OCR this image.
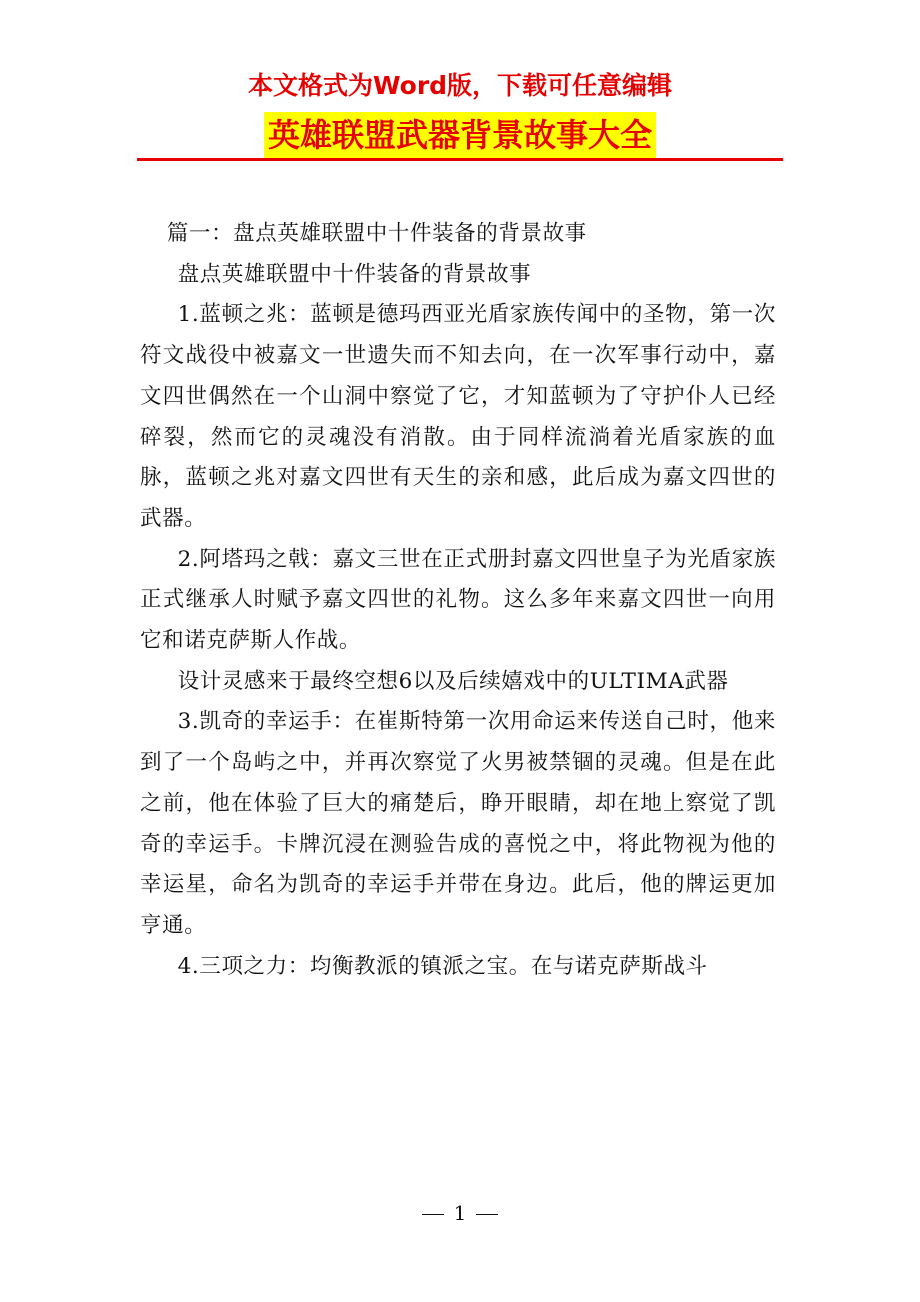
本文格式为Word版，下载可任意编辑
英雄联盟武器背景故事大全

篇一：盘点英雄联盟中十件装备的背景故事

盘点英雄联盟中十件装备的背景故事

1.蓝顿之兆：蓝顿是德玛西亚光盾家族传闻中的圣物，第一次符文战役中被嘉文一世遗失而不知去向，在一次军事行动中，嘉文四世偶然在一个山洞中察觉了它，才知蓝顿为了守护仆人已经碎裂，然而它的灵魂没有消散。由于同样流淌着光盾家族的血脉，蓝顿之兆对嘉文四世有天生的亲和感，此后成为嘉文四世的武器。

2.阿塔玛之戟：嘉文三世在正式册封嘉文四世皇子为光盾家族正式继承人时赋予嘉文四世的礼物。这么多年来嘉文四世一向用它和诺克萨斯人作战。

设计灵感来于最终空想6以及后续嬉戏中的ULTIMA武器

3.凯奇的幸运手：在崔斯特第一次用命运来传送自己时，他来到了一个岛屿之中，并再次察觉了火男被禁锢的灵魂。但是在此之前，他在体验了巨大的痛楚后，睁开眼睛，却在地上察觉了凯奇的幸运手。卡牌沉浸在测验告成的喜悦之中，将此物视为他的幸运星，命名为凯奇的幸运手并带在身边。此后，他的牌运更加亨通。

4.三项之力：均衡教派的镇派之宝。在与诺克萨斯战斗

1
